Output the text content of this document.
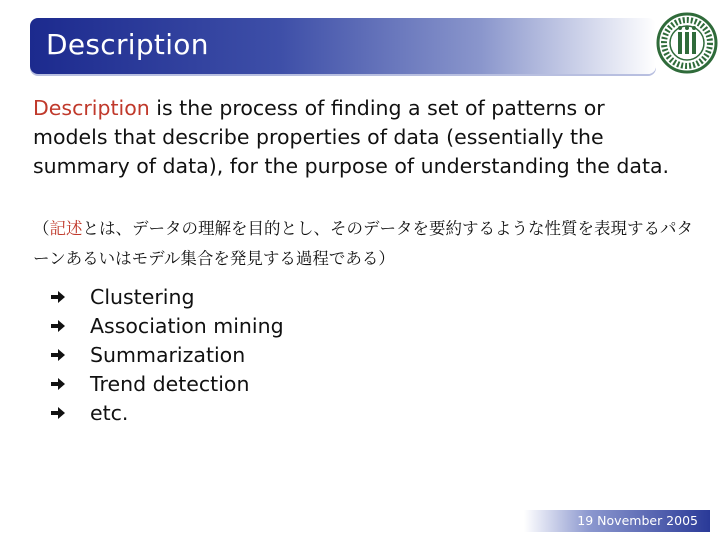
Description

Description is the process of finding a set of patterns or models that describe properties of data (essentially the summary of data), for the purpose of understanding the data.

（記述とは、データの理解を目的とし、そのデータを要約するような性質を表現するパターンあるいはモデル集合を発見する過程である）

Clustering
Association mining
Summarization
Trend detection
etc.
19 November 2005
